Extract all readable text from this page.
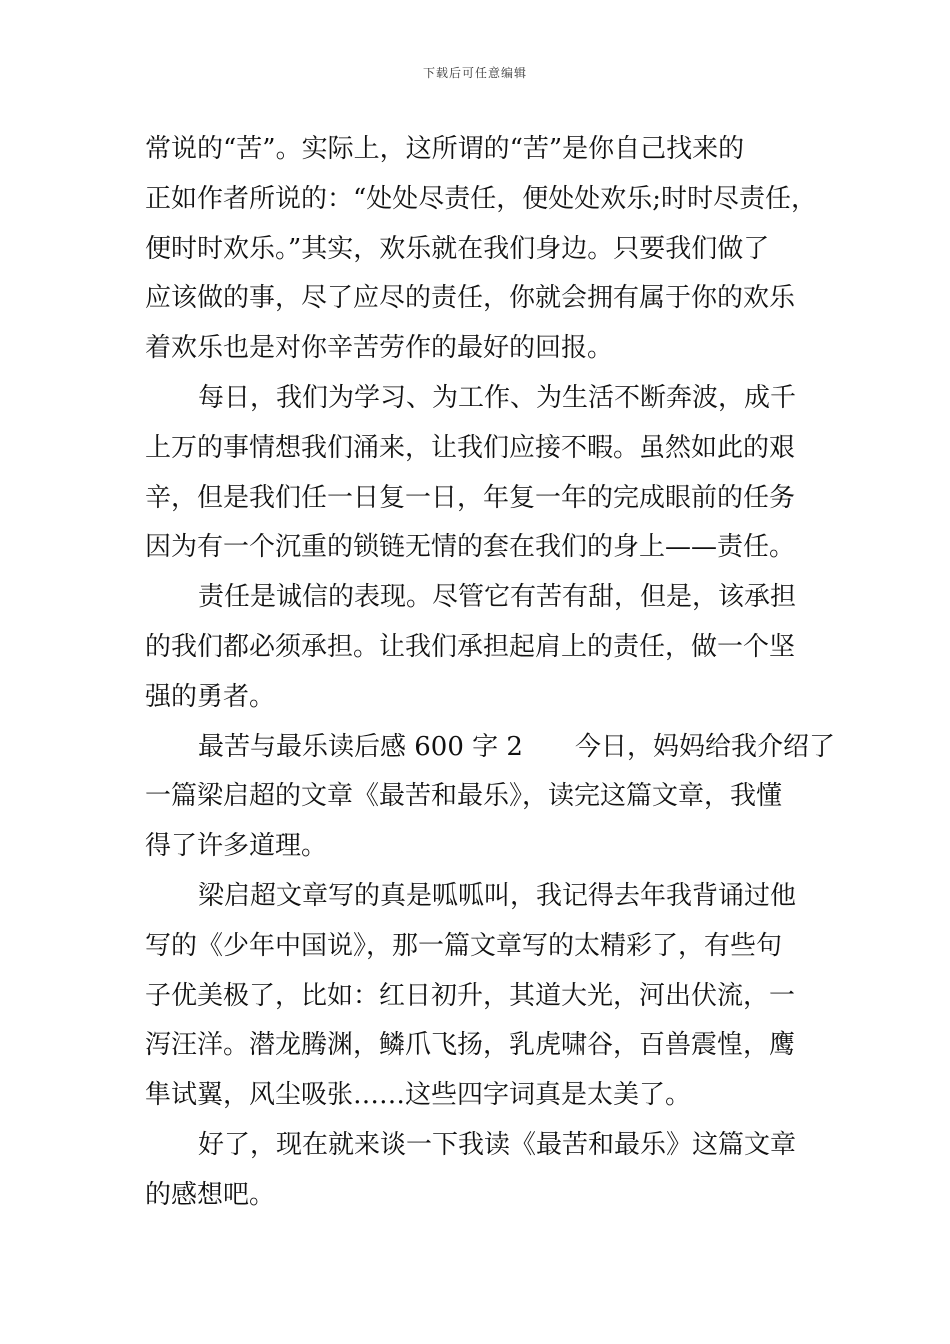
下载后可任意编辑
常说的“苦”。实际上，这所谓的“苦”是你自己找来的
正如作者所说的：“处处尽责任，便处处欢乐;时时尽责任，
便时时欢乐。”其实，欢乐就在我们身边。只要我们做了
应该做的事，尽了应尽的责任，你就会拥有属于你的欢乐
着欢乐也是对你辛苦劳作的最好的回报。
每日，我们为学习、为工作、为生活不断奔波，成千
上万的事情想我们涌来，让我们应接不暇。虽然如此的艰
辛，但是我们任一日复一日，年复一年的完成眼前的任务
因为有一个沉重的锁链无情的套在我们的身上——责任。
责任是诚信的表现。尽管它有苦有甜，但是，该承担
的我们都必须承担。让我们承担起肩上的责任，做一个坚
强的勇者。
最苦与最乐读后感 600 字 2　　今日，妈妈给我介绍了
一篇梁启超的文章《最苦和最乐》，读完这篇文章，我懂
得了许多道理。
梁启超文章写的真是呱呱叫，我记得去年我背诵过他
写的《少年中国说》，那一篇文章写的太精彩了，有些句
子优美极了，比如：红日初升，其道大光，河出伏流，一
泻汪洋。潜龙腾渊，鳞爪飞扬，乳虎啸谷，百兽震惶，鹰
隼试翼，风尘吸张……这些四字词真是太美了。
好了，现在就来谈一下我读《最苦和最乐》这篇文章
的感想吧。
